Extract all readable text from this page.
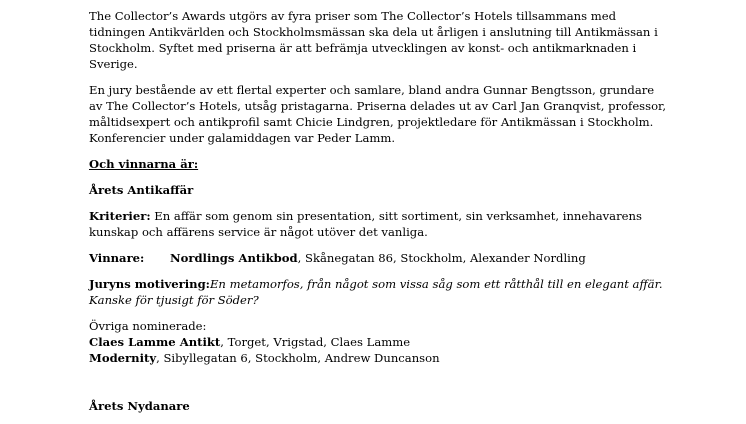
The Collector’s Awards utgörs av fyra priser som The Collector’s Hotels tillsammans med tidningen Antikvärlden och Stockholmsmässan ska dela ut årligen i anslutning till Antikmässan i Stockholm. Syftet med priserna är att befrämja utvecklingen av konst- och antikmarknaden i Sverige.

En jury bestående av ett flertal experter och samlare, bland andra Gunnar Bengtsson, grundare av The Collector’s Hotels, utsåg pristagarna. Priserna delades ut av Carl Jan Granqvist, professor, måltidsexpert och antikprofil samt Chicie Lindgren, projektledare för Antikmässan i Stockholm. Konferencier under galamiddagen var Peder Lamm.

Och vinnarna är:

Årets Antikaffär

Kriterier: En affär som genom sin presentation, sitt sortiment, sin verksamhet, innehavarens kunskap och affärens service är något utöver det vanliga.

Vinnare: Nordlings Antikbod, Skånegatan 86, Stockholm, Alexander Nordling

Juryns motivering:En metamorfos, från något som vissa såg som ett råtthål till en elegant affär. Kanske för tjusigt för Söder?

Övriga nominerade:
Claes Lamme Antikt, Torget, Vrigstad, Claes Lamme
Modernity, Sibyllegatan 6, Stockholm, Andrew Duncanson

Årets Nydanare
